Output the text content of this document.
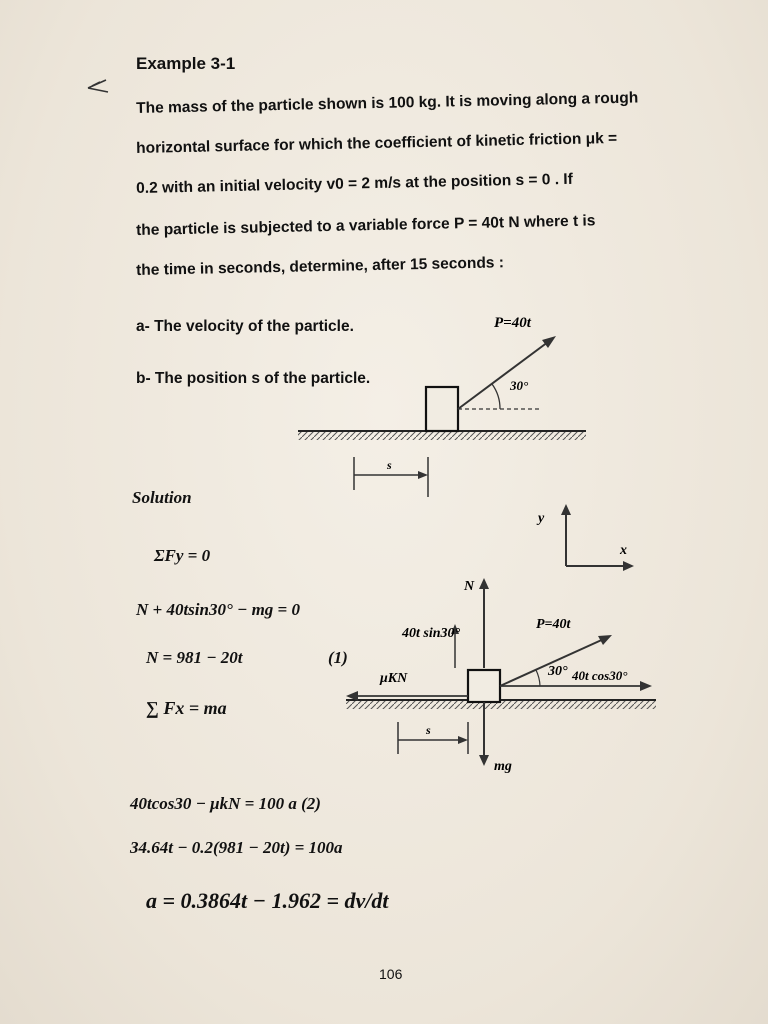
Example 3-1
The mass of the particle shown is 100 kg. It is moving along a rough
horizontal surface for which the coefficient of kinetic friction μk =
0.2 with an initial velocity v0 = 2 m/s at the position s = 0 . If
the particle is subjected to a variable force P = 40t N where t is
the time in seconds, determine, after 15 seconds :
a- The velocity of the particle.
b- The position s of the particle.	30°
P=40t
s
Solution
y
x
ΣFy = 0
N + 40tsin30° − mg = 0
N = 981 − 20t	(1)
∑ Fx = ma
N
40t sin30°
P=40t
30° 40t cos30°
μKN
mg
s
40tcos30 − μkN = 100 a (2)
34.64t − 0.2(981 − 20t) = 100a
a = 0.3864t − 1.962 = dv/dt
106
